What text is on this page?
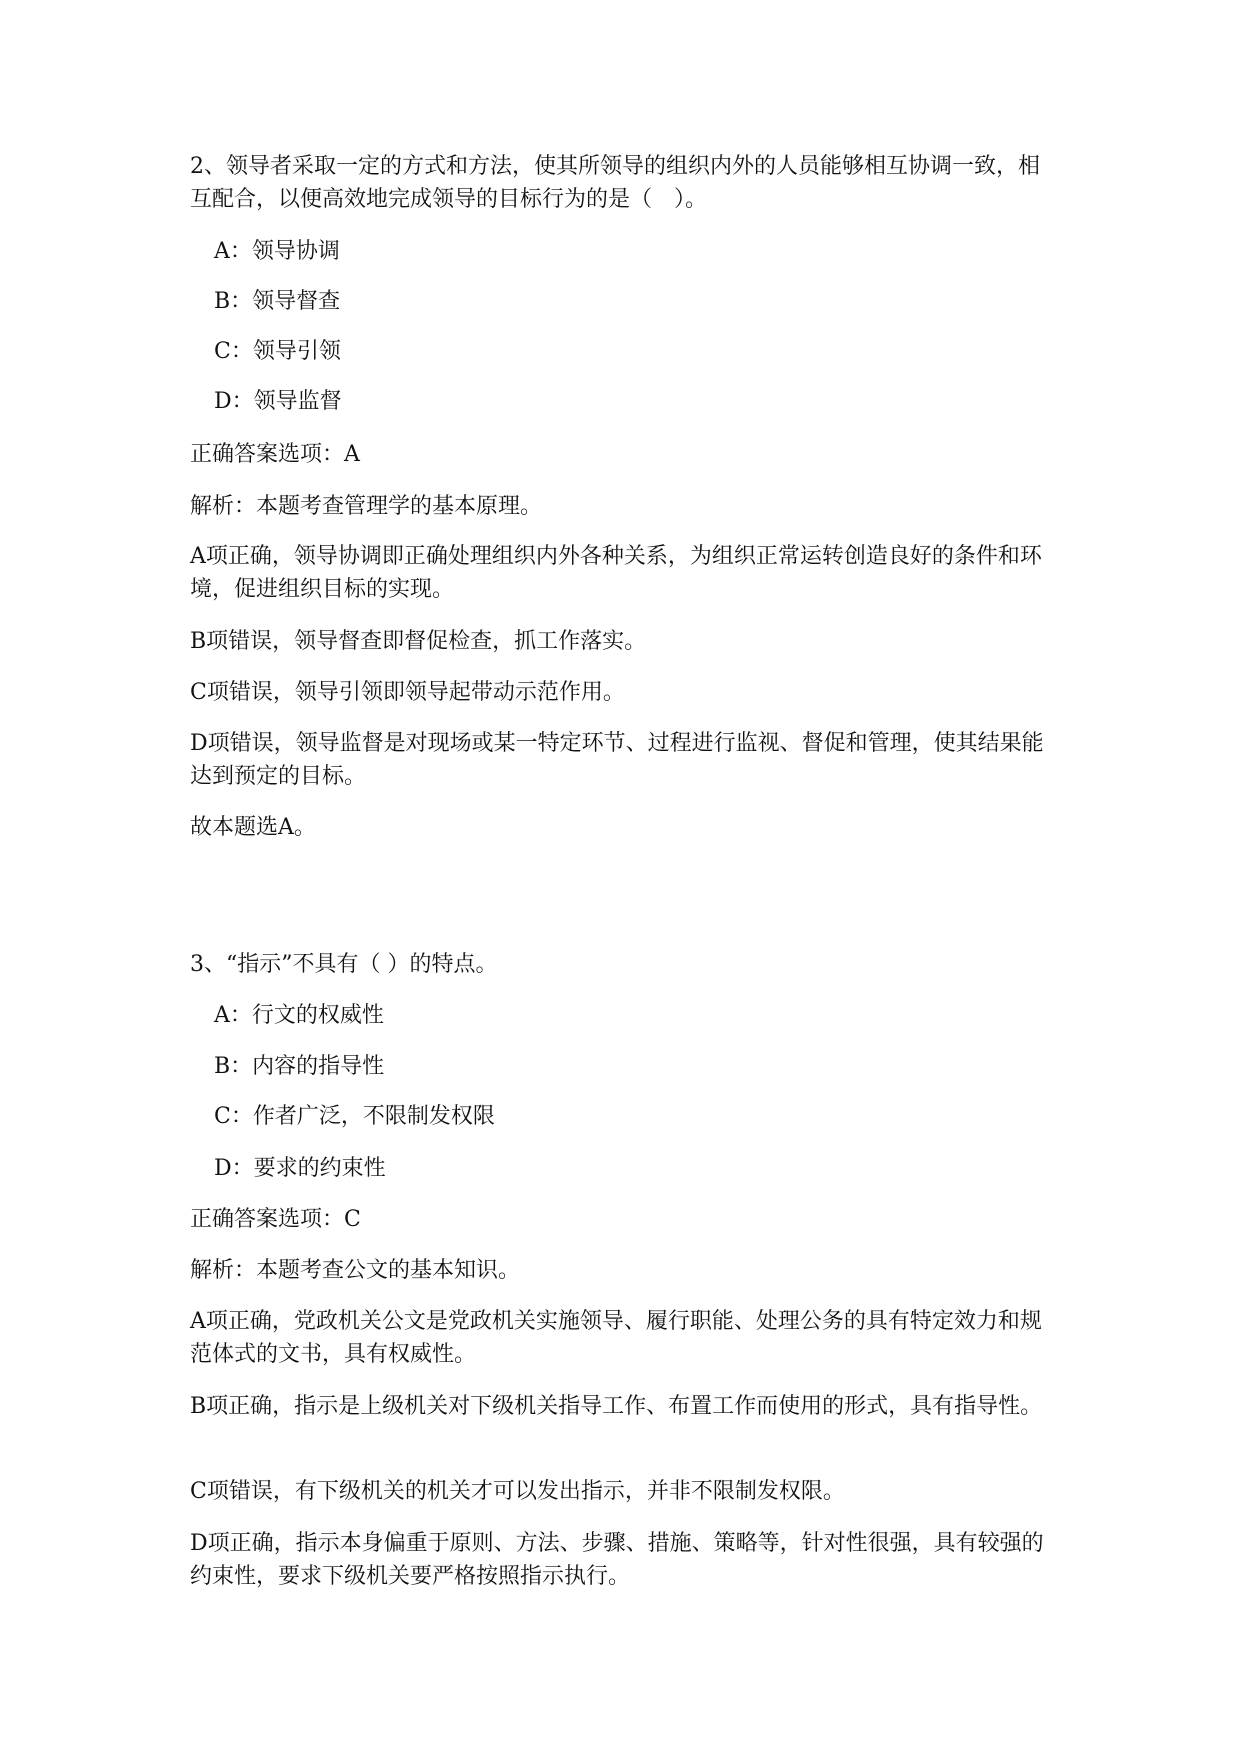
2、领导者采取一定的方式和方法，使其所领导的组织内外的人员能够相互协调一致，相互配合，以便高效地完成领导的目标行为的是（　）。

A：领导协调

B：领导督查

C：领导引领

D：领导监督

正确答案选项：A

解析：本题考查管理学的基本原理。

A项正确，领导协调即正确处理组织内外各种关系，为组织正常运转创造良好的条件和环境，促进组织目标的实现。

B项错误，领导督查即督促检查，抓工作落实。

C项错误，领导引领即领导起带动示范作用。

D项错误，领导监督是对现场或某一特定环节、过程进行监视、督促和管理，使其结果能达到预定的目标。

故本题选A。

3、“指示”不具有（ ）的特点。

A：行文的权威性

B：内容的指导性

C：作者广泛，不限制发权限

D：要求的约束性

正确答案选项：C

解析：本题考查公文的基本知识。

A项正确，党政机关公文是党政机关实施领导、履行职能、处理公务的具有特定效力和规范体式的文书，具有权威性。

B项正确，指示是上级机关对下级机关指导工作、布置工作而使用的形式，具有指导性。

C项错误，有下级机关的机关才可以发出指示，并非不限制发权限。

D项正确，指示本身偏重于原则、方法、步骤、措施、策略等，针对性很强，具有较强的约束性，要求下级机关要严格按照指示执行。
